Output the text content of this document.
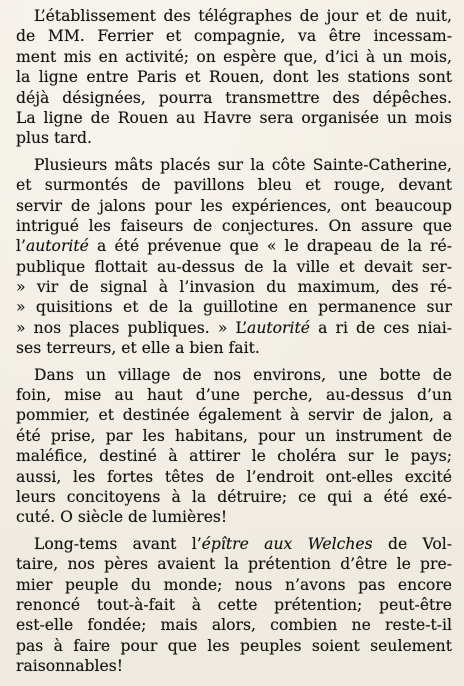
L’établissement des télégraphes de jour et de nuit,
de MM. Ferrier et compagnie, va être incessam-
ment mis en activité; on espère que, d’ici à un mois,
la ligne entre Paris et Rouen, dont les stations sont
déjà désignées, pourra transmettre des dépêches.
La ligne de Rouen au Havre sera organisée un mois
plus tard.
Plusieurs mâts placés sur la côte Sainte-Catherine,
et surmontés de pavillons bleu et rouge, devant
servir de jalons pour les expériences, ont beaucoup
intrigué les faiseurs de conjectures. On assure que
l’autorité a été prévenue que « le drapeau de la ré-
publique flottait au-dessus de la ville et devait ser-
» vir de signal à l’invasion du maximum, des ré-
» quisitions et de la guillotine en permanence sur
» nos places publiques. » L’autorité a ri de ces niai-
ses terreurs, et elle a bien fait.
Dans un village de nos environs, une botte de
foin, mise au haut d’une perche, au-dessus d’un
pommier, et destinée également à servir de jalon, a
été prise, par les habitans, pour un instrument de
maléfice, destiné à attirer le choléra sur le pays;
aussi, les fortes têtes de l’endroit ont-elles excité
leurs concitoyens à la détruire; ce qui a été exé-
cuté. O siècle de lumières!
Long-tems avant l’épître aux Welches de Vol-
taire, nos pères avaient la prétention d’être le pre-
mier peuple du monde; nous n’avons pas encore
renoncé tout-à-fait à cette prétention; peut-être
est-elle fondée; mais alors, combien ne reste-t-il
pas à faire pour que les peuples soient seulement
raisonnables!
